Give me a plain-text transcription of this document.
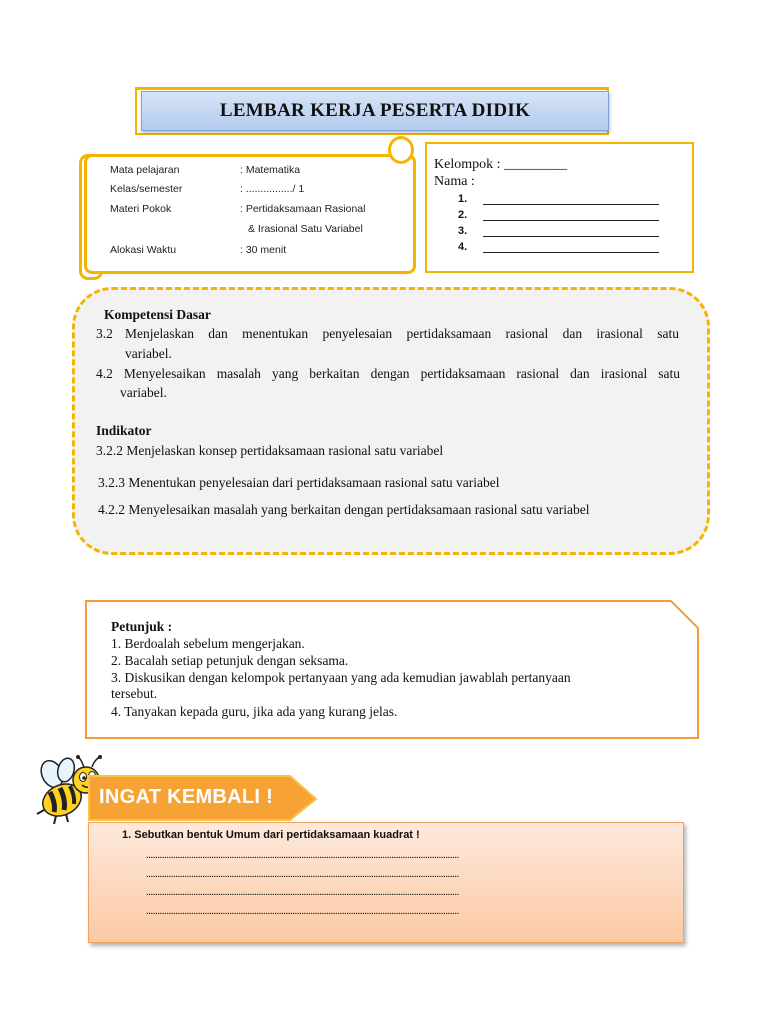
LEMBAR KERJA PESERTA DIDIK
Mata pelajaran	: Matematika
Kelas/semester	: ................/ 1
Materi Pokok	: Pertidaksamaan Rasional
& Irasional Satu Variabel
Alokasi Waktu	: 30 menit
Kelompok : _________
Nama :
1.
2.
3.
4.
Kompetensi Dasar
3.2 Menjelaskan dan menentukan penyelesaian pertidaksamaan rasional dan irasional satu
variabel.
4.2 Menyelesaikan masalah yang berkaitan dengan pertidaksamaan rasional dan irasional satu
variabel.
Indikator
3.2.2 Menjelaskan konsep pertidaksamaan rasional satu variabel
3.2.3 Menentukan penyelesaian dari pertidaksamaan rasional satu variabel
4.2.2 Menyelesaikan masalah yang berkaitan dengan pertidaksamaan rasional satu variabel
Petunjuk :
1. Berdoalah sebelum mengerjakan.
2. Bacalah setiap petunjuk dengan seksama.
3. Diskusikan dengan kelompok pertanyaan yang ada kemudian jawablah pertanyaan
tersebut.
4. Tanyakan kepada guru, jika ada yang kurang jelas.
INGAT KEMBALI !
1. Sebutkan bentuk Umum dari pertidaksamaan kuadrat !
...........................................................................................................................................
...........................................................................................................................................
...........................................................................................................................................
...........................................................................................................................................
